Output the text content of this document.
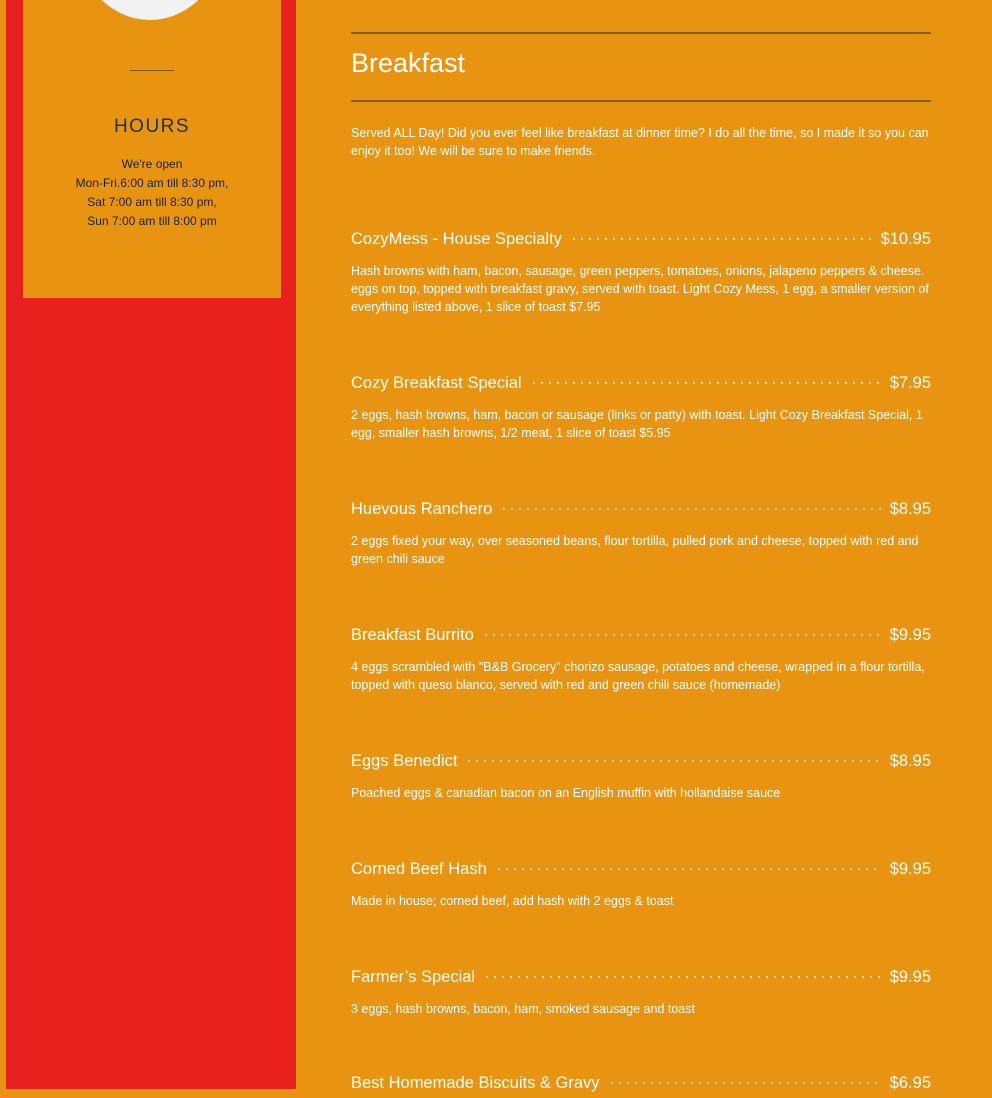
HOURS
We're open
Mon-Fri.6:00 am till 8:30 pm,
Sat 7:00 am till 8:30 pm,
Sun 7:00 am till 8:00 pm
Breakfast

Served ALL Day! Did you ever feel like breakfast at dinner time? I do all the time, so I made it so you can enjoy it too! We will be sure to make friends.

CozyMess - House Specialty	$10.95
Hash browns with ham, bacon, sausage, green peppers, tomatoes, onions, jalapeno peppers & cheese. eggs on top, topped with breakfast gravy, served with toast. Light Cozy Mess, 1 egg, a smaller version of everything listed above, 1 slice of toast $7.95
Cozy Breakfast Special	$7.95
2 eggs, hash browns, ham, bacon or sausage (links or patty) with toast. Light Cozy Breakfast Special, 1 egg, smaller hash browns, 1/2 meat, 1 slice of toast $5.95
Huevous Ranchero	$8.95
2 eggs fixed your way, over seasoned beans, flour tortilla, pulled pork and cheese, topped with red and green chili sauce
Breakfast Burrito	$9.95
4 eggs scrambled with "B&B Grocery" chorizo sausage, potatoes and cheese, wrapped in a flour tortilla, topped with queso blanco, served with red and green chili sauce (homemade)
Eggs Benedict	$8.95
Poached eggs & canadian bacon on an English muffin with hollandaise sauce
Corned Beef Hash	$9.95
Made in house; corned beef, add hash with 2 eggs & toast
Farmer’s Special	$9.95
3 eggs, hash browns, bacon, ham, smoked sausage and toast
Best Homemade Biscuits & Gravy	$6.95
